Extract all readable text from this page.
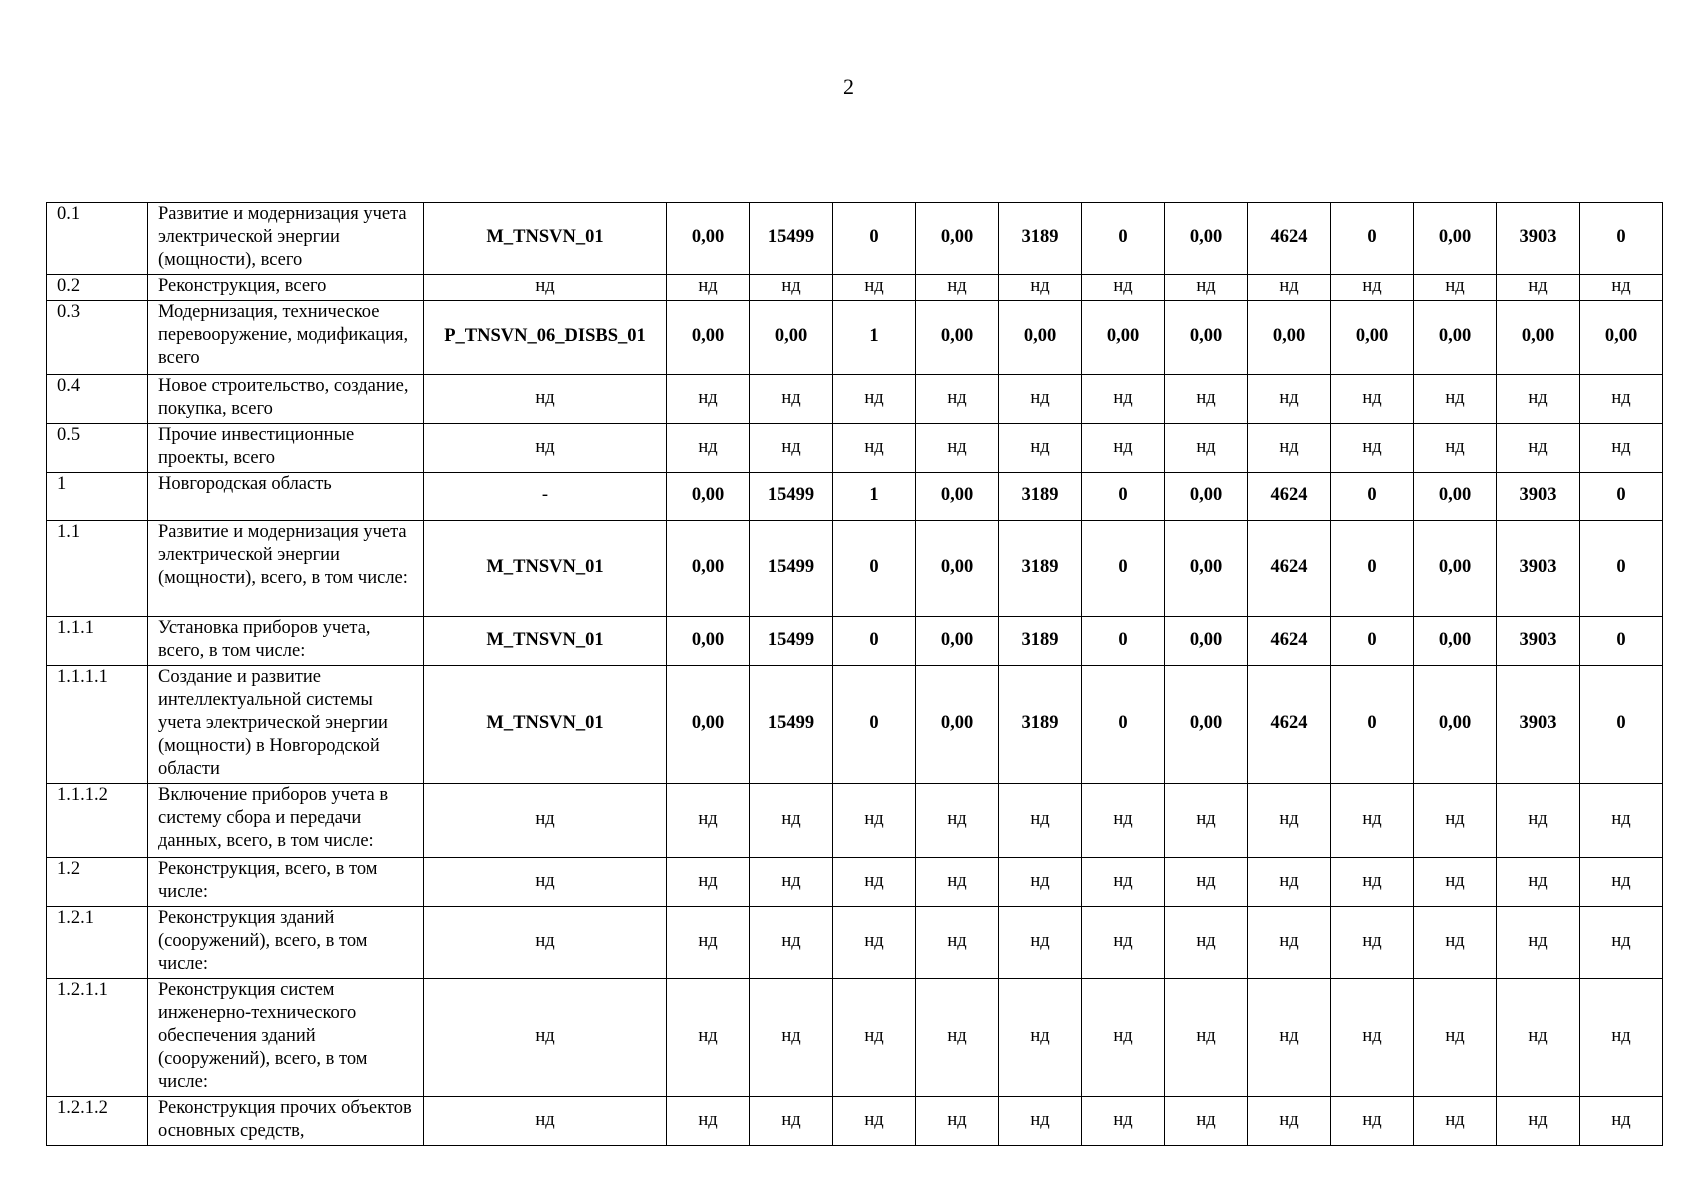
2
0.1	Развитие и модернизация учета электрической энергии (мощности), всего	M_TNSVN_01	0,00	15499	0	0,00	3189	0	0,00	4624	0	0,00	3903	0
0.2	Реконструкция, всего	нд	нд	нд	нд	нд	нд	нд	нд	нд	нд	нд	нд	нд
0.3	Модернизация, техническое перевооружение, модификация, всего	P_TNSVN_06_DISBS_01	0,00	0,00	1	0,00	0,00	0,00	0,00	0,00	0,00	0,00	0,00	0,00
0.4	Новое строительство, создание, покупка, всего	нд	нд	нд	нд	нд	нд	нд	нд	нд	нд	нд	нд	нд
0.5	Прочие инвестиционные проекты, всего	нд	нд	нд	нд	нд	нд	нд	нд	нд	нд	нд	нд	нд
1	Новгородская область	-	0,00	15499	1	0,00	3189	0	0,00	4624	0	0,00	3903	0
1.1	Развитие и модернизация учета электрической энергии (мощности), всего, в том числе:	M_TNSVN_01	0,00	15499	0	0,00	3189	0	0,00	4624	0	0,00	3903	0
1.1.1	Установка приборов учета, всего, в том числе:	M_TNSVN_01	0,00	15499	0	0,00	3189	0	0,00	4624	0	0,00	3903	0
1.1.1.1	Создание и развитие интеллектуальной системы учета электрической энергии (мощности) в Новгородской области	M_TNSVN_01	0,00	15499	0	0,00	3189	0	0,00	4624	0	0,00	3903	0
1.1.1.2	Включение приборов учета в систему сбора и передачи данных, всего, в том числе:	нд	нд	нд	нд	нд	нд	нд	нд	нд	нд	нд	нд	нд
1.2	Реконструкция, всего, в том числе:	нд	нд	нд	нд	нд	нд	нд	нд	нд	нд	нд	нд	нд
1.2.1	Реконструкция зданий (сооружений), всего, в том числе:	нд	нд	нд	нд	нд	нд	нд	нд	нд	нд	нд	нд	нд
1.2.1.1	Реконструкция систем инженерно-технического обеспечения зданий (сооружений), всего, в том числе:	нд	нд	нд	нд	нд	нд	нд	нд	нд	нд	нд	нд	нд
1.2.1.2	Реконструкция прочих объектов основных средств,	нд	нд	нд	нд	нд	нд	нд	нд	нд	нд	нд	нд	нд
